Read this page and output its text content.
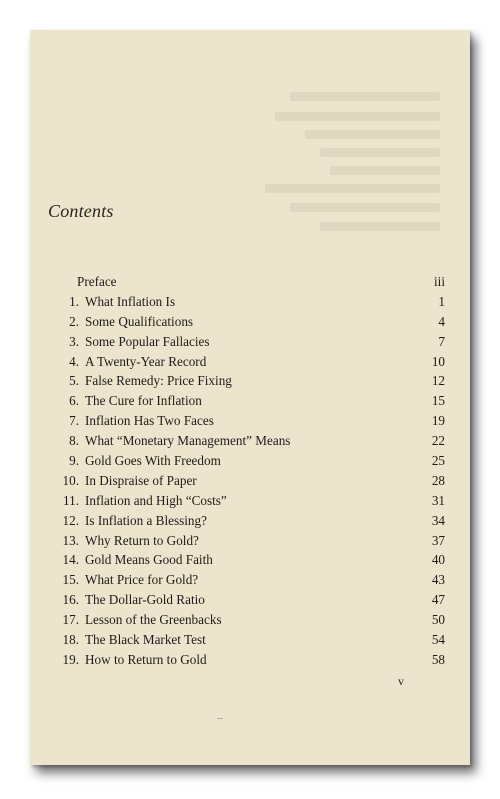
Contents
Preface	iii
1. What Inflation Is	1
2. Some Qualifications	4
3. Some Popular Fallacies	7
4. A Twenty-Year Record	10
5. False Remedy: Price Fixing	12
6. The Cure for Inflation	15
7. Inflation Has Two Faces	19
8. What “Monetary Management” Means	22
9. Gold Goes With Freedom	25
10. In Dispraise of Paper	28
11. Inflation and High “Costs”	31
12. Is Inflation a Blessing?	34
13. Why Return to Gold?	37
14. Gold Means Good Faith	40
15. What Price for Gold?	43
16. The Dollar-Gold Ratio	47
17. Lesson of the Greenbacks	50
18. The Black Market Test	54
19. How to Return to Gold	58
v
